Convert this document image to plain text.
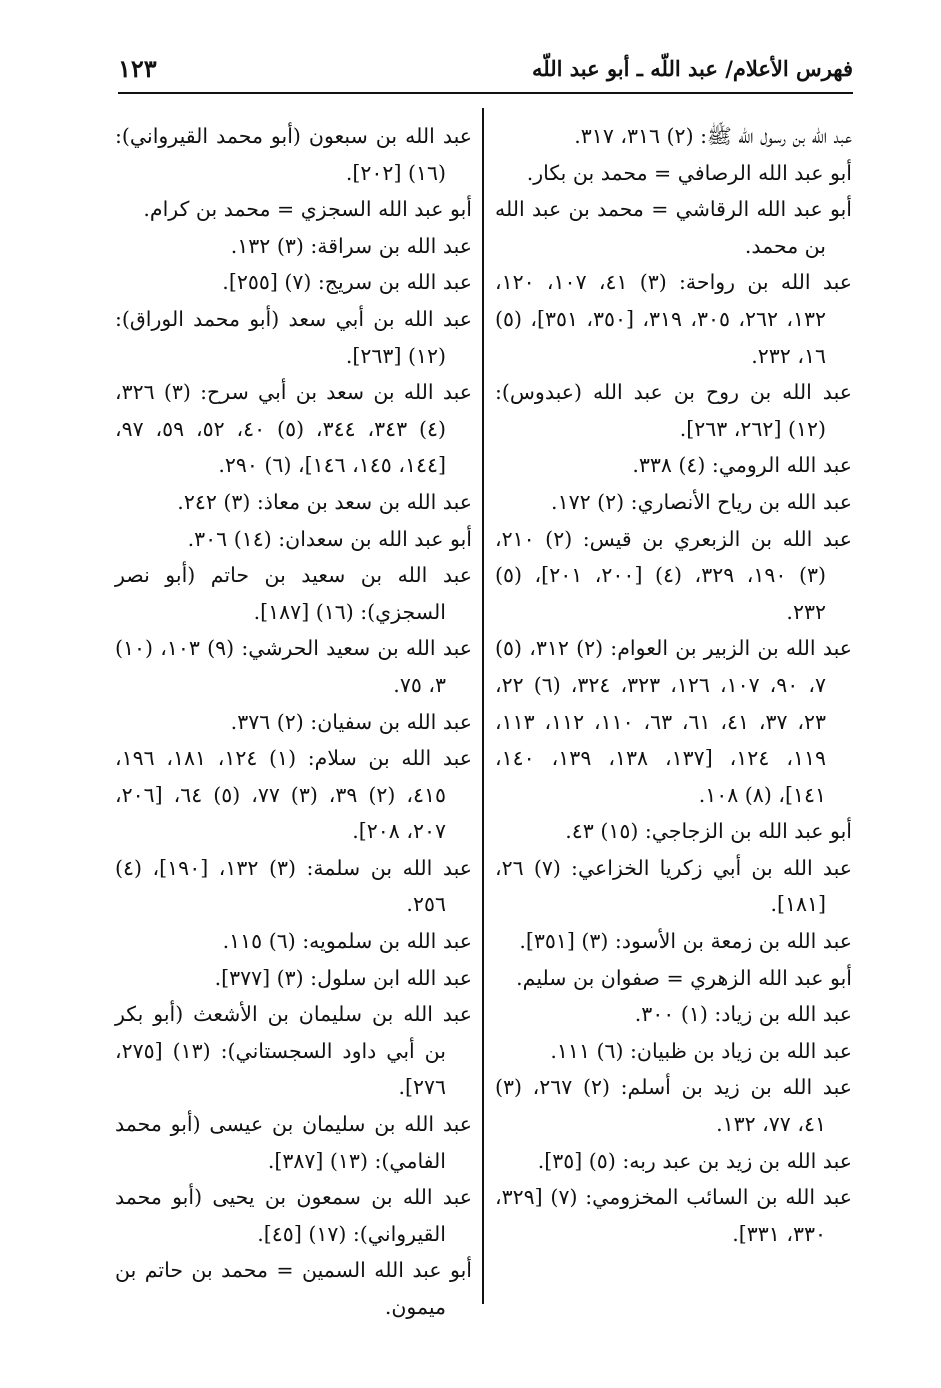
فهرس الأعلام/ عبد اللّه ـ أبو عبد اللّه
١٢٣
عبد الله بن رسول الله ﷺ: (٢) ٣١٦، ٣١٧.
أبو عبد الله الرصافي = محمد بن بكار.
أبو عبد الله الرقاشي = محمد بن عبد الله بن محمد.
عبد الله بن رواحة: (٣) ٤١، ١٠٧، ١٢٠، ١٣٢، ٢٦٢، ٣٠٥، ٣١٩، [٣٥٠، ٣٥١]، (٥) ١٦، ٢٣٢.
عبد الله بن روح بن عبد الله (عبدوس): (١٢) [٢٦٢، ٢٦٣].
عبد الله الرومي: (٤) ٣٣٨.
عبد الله بن رياح الأنصاري: (٢) ١٧٢.
عبد الله بن الزبعري بن قيس: (٢) ٢١٠، (٣) ١٩٠، ٣٢٩، (٤) [٢٠٠، ٢٠١]، (٥) ٢٣٢.
عبد الله بن الزبير بن العوام: (٢) ٣١٢، (٥) ٧، ٩٠، ١٠٧، ١٢٦، ٣٢٣، ٣٢٤، (٦) ٢٢، ٢٣، ٣٧، ٤١، ٦١، ٦٣، ١١٠، ١١٢، ١١٣، ١١٩، ١٢٤، [١٣٧، ١٣٨، ١٣٩، ١٤٠، ١٤١]، (٨) ١٠٨.
أبو عبد الله بن الزجاجي: (١٥) ٤٣.
عبد الله بن أبي زكريا الخزاعي: (٧) ٢٦، [١٨١].
عبد الله بن زمعة بن الأسود: (٣) [٣٥١].
أبو عبد الله الزهري = صفوان بن سليم.
عبد الله بن زياد: (١) ٣٠٠.
عبد الله بن زياد بن ظبيان: (٦) ١١١.
عبد الله بن زيد بن أسلم: (٢) ٢٦٧، (٣) ٤١، ٧٧، ١٣٢.
عبد الله بن زيد بن عبد ربه: (٥) [٣٥].
عبد الله بن السائب المخزومي: (٧) [٣٢٩، ٣٣٠، ٣٣١].
عبد الله بن سبعون (أبو محمد القيرواني): (١٦) [٢٠٢].
أبو عبد الله السجزي = محمد بن كرام.
عبد الله بن سراقة: (٣) ١٣٢.
عبد الله بن سريج: (٧) [٢٥٥].
عبد الله بن أبي سعد (أبو محمد الوراق): (١٢) [٢٦٣].
عبد الله بن سعد بن أبي سرح: (٣) ٣٢٦، (٤) ٣٤٣، ٣٤٤، (٥) ٤٠، ٥٢، ٥٩، ٩٧، [١٤٤، ١٤٥، ١٤٦]، (٦) ٢٩٠.
عبد الله بن سعد بن معاذ: (٣) ٢٤٢.
أبو عبد الله بن سعدان: (١٤) ٣٠٦.
عبد الله بن سعيد بن حاتم (أبو نصر السجزي): (١٦) [١٨٧].
عبد الله بن سعيد الحرشي: (٩) ١٠٣، (١٠) ٣، ٧٥.
عبد الله بن سفيان: (٢) ٣٧٦.
عبد الله بن سلام: (١) ١٢٤، ١٨١، ١٩٦، ٤١٥، (٢) ٣٩، (٣) ٧٧، (٥) ٦٤، [٢٠٦، ٢٠٧، ٢٠٨].
عبد الله بن سلمة: (٣) ١٣٢، [١٩٠]، (٤) ٢٥٦.
عبد الله بن سلمويه: (٦) ١١٥.
عبد الله ابن سلول: (٣) [٣٧٧].
عبد الله بن سليمان بن الأشعث (أبو بكر بن أبي داود السجستاني): (١٣) [٢٧٥، ٢٧٦].
عبد الله بن سليمان بن عيسى (أبو محمد الفامي): (١٣) [٣٨٧].
عبد الله بن سمعون بن يحيى (أبو محمد القيرواني): (١٧) [٤٥].
أبو عبد الله السمين = محمد بن حاتم بن ميمون.
